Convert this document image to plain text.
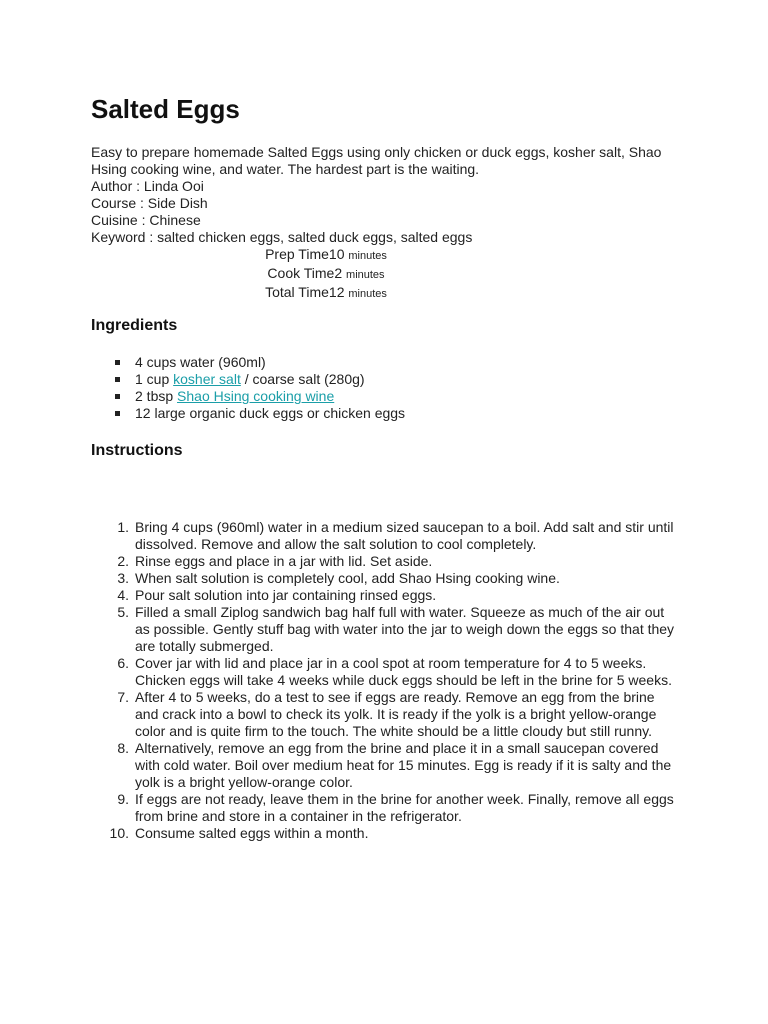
Salted Eggs

Easy to prepare homemade Salted Eggs using only chicken or duck eggs, kosher salt, Shao Hsing cooking wine, and water. The hardest part is the waiting.

Author : Linda Ooi

Course : Side Dish

Cuisine : Chinese

Keyword : salted chicken eggs, salted duck eggs, salted eggs

Prep Time10 minutes
Cook Time2 minutes
Total Time12 minutes
Ingredients
4 cups water (960ml)
1 cup kosher salt / coarse salt (280g)
2 tbsp Shao Hsing cooking wine
12 large organic duck eggs or chicken eggs
Instructions
1. Bring 4 cups (960ml) water in a medium sized saucepan to a boil. Add salt and stir until dissolved. Remove and allow the salt solution to cool completely.
2. Rinse eggs and place in a jar with lid. Set aside.
3. When salt solution is completely cool, add Shao Hsing cooking wine.
4. Pour salt solution into jar containing rinsed eggs.
5. Filled a small Ziplog sandwich bag half full with water. Squeeze as much of the air out as possible. Gently stuff bag with water into the jar to weigh down the eggs so that they are totally submerged.
6. Cover jar with lid and place jar in a cool spot at room temperature for 4 to 5 weeks. Chicken eggs will take 4 weeks while duck eggs should be left in the brine for 5 weeks.
7. After 4 to 5 weeks, do a test to see if eggs are ready. Remove an egg from the brine and crack into a bowl to check its yolk. It is ready if the yolk is a bright yellow-orange color and is quite firm to the touch. The white should be a little cloudy but still runny.
8. Alternatively, remove an egg from the brine and place it in a small saucepan covered with cold water. Boil over medium heat for 15 minutes. Egg is ready if it is salty and the yolk is a bright yellow-orange color.
9. If eggs are not ready, leave them in the brine for another week. Finally, remove all eggs from brine and store in a container in the refrigerator.
10. Consume salted eggs within a month.
